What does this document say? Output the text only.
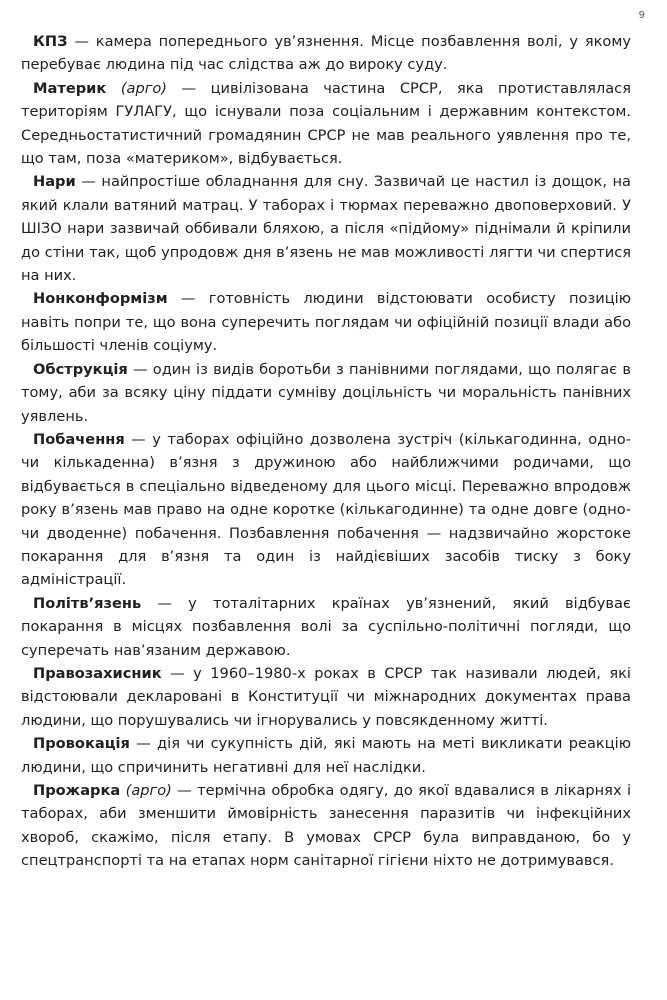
9

КПЗ — камера попереднього ув’язнення. Місце позбавлення волі, у якому перебуває людина під час слідства аж до вироку суду.

Материк (арго) — цивілізована частина СРСР, яка протиставлялася територіям ГУЛАГУ, що існували поза соціальним і державним контекстом. Середньостатистичний громадянин СРСР не мав реального уявлення про те, що там, поза «материком», відбувається.

Нари — найпростіше обладнання для сну. Зазвичай це настил із дощок, на який клали ватяний матрац. У таборах і тюрмах переважно двоповерховий. У ШІЗО нари зазвичай оббивали бляхою, а після «підйому» піднімали й кріпили до стіни так, щоб упродовж дня в’язень не мав можливості лягти чи спертися на них.

Нонконформізм — готовність людини відстоювати особисту позицію навіть попри те, що вона суперечить поглядам чи офіційній позиції влади або більшості членів соціуму.

Обструкція — один із видів боротьби з панівними поглядами, що полягає в тому, аби за всяку ціну піддати сумніву доцільність чи моральність панівних уявлень.

Побачення — у таборах офіційно дозволена зустріч (кількагодинна, одно- чи кількаденна) в’язня з дружиною або найближчими родичами, що відбувається в спеціально відведеному для цього місці. Переважно впродовж року в’язень мав право на одне коротке (кількагодинне) та одне довге (одно- чи дводенне) побачення. Позбавлення побачення — надзвичайно жорстоке покарання для в’язня та один із найдієвіших засобів тиску з боку адміністрації.

Політв’язень — у тоталітарних країнах ув’язнений, який відбуває покарання в місцях позбавлення волі за суспільно-політичні погляди, що суперечать нав’язаним державою.

Правозахисник — у 1960–1980-х роках в СРСР так називали людей, які відстоювали декларовані в Конституції чи міжнародних документах права людини, що порушувались чи ігнорувались у повсякденному житті.

Провокація — дія чи сукупність дій, які мають на меті викликати реакцію людини, що спричинить негативні для неї наслідки.

Прожарка (арго) — термічна обробка одягу, до якої вдавалися в лікарнях і таборах, аби зменшити ймовірність занесення паразитів чи інфекційних хвороб, скажімо, після етапу. В умовах СРСР була виправданою, бо у спецтранспорті та на етапах норм санітарної гігієни ніхто не дотримувався.
